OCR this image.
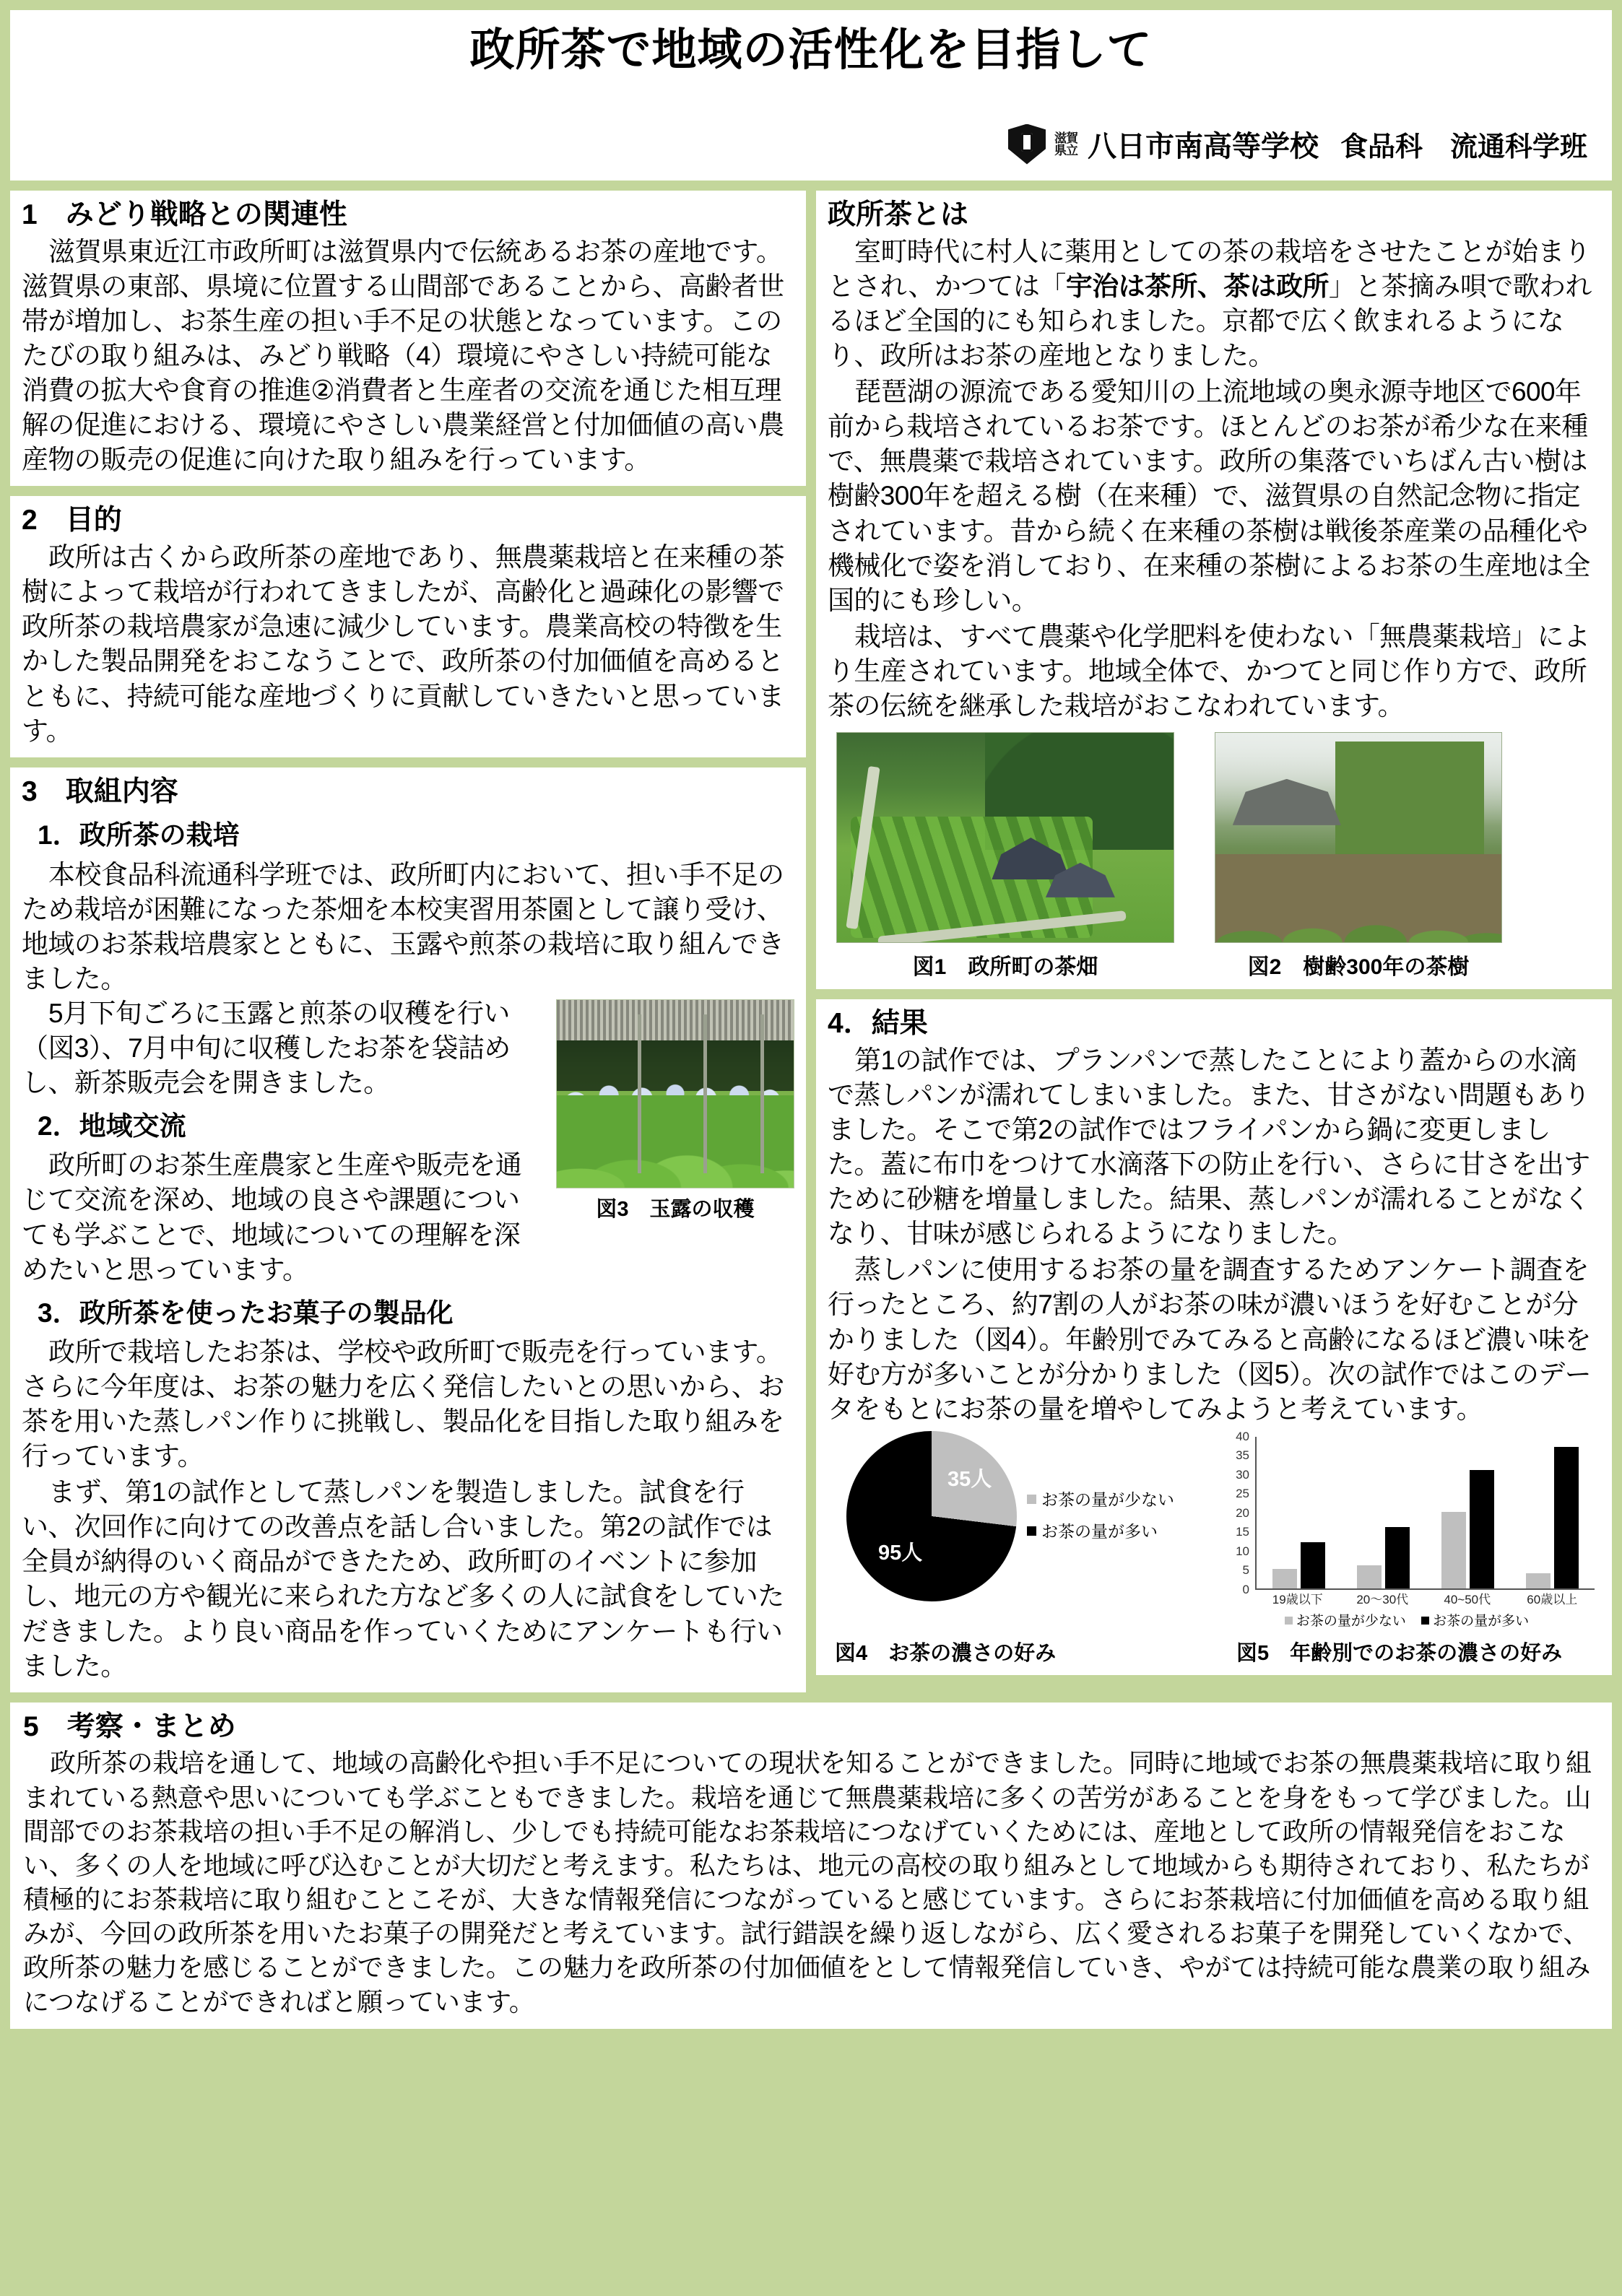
政所茶で地域の活性化を目指して
滋賀
県立 八日市南高等学校 食品科　流通科学班
1　みどり戦略との関連性

滋賀県東近江市政所町は滋賀県内で伝統あるお茶の産地です。滋賀県の東部、県境に位置する山間部であることから、高齢者世帯が増加し、お茶生産の担い手不足の状態となっています。このたびの取り組みは、みどり戦略（4）環境にやさしい持続可能な消費の拡大や食育の推進②消費者と生産者の交流を通じた相互理解の促進における、環境にやさしい農業経営と付加価値の高い農産物の販売の促進に向けた取り組みを行っています。

2　目的

政所は古くから政所茶の産地であり、無農薬栽培と在来種の茶樹によって栽培が行われてきましたが、高齢化と過疎化の影響で政所茶の栽培農家が急速に減少しています。農業高校の特徴を生かした製品開発をおこなうことで、政所茶の付加価値を高めるとともに、持続可能な産地づくりに貢献していきたいと思っています。

3　取組内容
1．政所茶の栽培

本校食品科流通科学班では、政所町内において、担い手不足のため栽培が困難になった茶畑を本校実習用茶園として譲り受け、地域のお茶栽培農家とともに、玉露や煎茶の栽培に取り組んできました。

図3　玉露の収穫

5月下旬ごろに玉露と煎茶の収穫を行い（図3）、7月中旬に収穫したお茶を袋詰めし、新茶販売会を開きました。

2．地域交流

政所町のお茶生産農家と生産や販売を通じて交流を深め、地域の良さや課題についても学ぶことで、地域についての理解を深めたいと思っています。

3．政所茶を使ったお菓子の製品化

政所で栽培したお茶は、学校や政所町で販売を行っています。さらに今年度は、お茶の魅力を広く発信したいとの思いから、お茶を用いた蒸しパン作りに挑戦し、製品化を目指した取り組みを行っています。

まず、第1の試作として蒸しパンを製造しました。試食を行い、次回作に向けての改善点を話し合いました。第2の試作では全員が納得のいく商品ができたため、政所町のイベントに参加し、地元の方や観光に来られた方など多くの人に試食をしていただきました。より良い商品を作っていくためにアンケートも行いました。

政所茶とは

室町時代に村人に薬用としての茶の栽培をさせたことが始まりとされ、かつては「宇治は茶所、茶は政所」と茶摘み唄で歌われるほど全国的にも知られました。京都で広く飲まれるようになり、政所はお茶の産地となりました。

琵琶湖の源流である愛知川の上流地域の奥永源寺地区で600年前から栽培されているお茶です。ほとんどのお茶が希少な在来種で、無農薬で栽培されています。政所の集落でいちばん古い樹は樹齢300年を超える樹（在来種）で、滋賀県の自然記念物に指定されています。昔から続く在来種の茶樹は戦後茶産業の品種化や機械化で姿を消しており、在来種の茶樹によるお茶の生産地は全国的にも珍しい。

栽培は、すべて農薬や化学肥料を使わない「無農薬栽培」により生産されています。地域全体で、かつてと同じ作り方で、政所茶の伝統を継承した栽培がおこなわれています。

図1　政所町の茶畑	図2　樹齢300年の茶樹
4．結果

第1の試作では、プランパンで蒸したことにより蓋からの水滴で蒸しパンが濡れてしまいました。また、甘さがない問題もありました。そこで第2の試作ではフライパンから鍋に変更しました。蓋に布巾をつけて水滴落下の防止を行い、さらに甘さを出すために砂糖を増量しました。結果、蒸しパンが濡れることがなくなり、甘味が感じられるようになりました。

蒸しパンに使用するお茶の量を調査するためアンケート調査を行ったところ、約7割の人がお茶の味が濃いほうを好むことが分かりました（図4）。年齢別でみてみると高齢になるほど濃い味を好む方が多いことが分かりました（図5）。次の試作ではこのデータをもとにお茶の量を増やしてみようと考えています。

35人
95人
お茶の量が少ない
お茶の量が多い
0
5
10
15
20
25
30
35
40
19歳以下	20〜30代	40~50代	60歳以上
お茶の量が少ない お茶の量が多い
図4　お茶の濃さの好み	図5　年齢別でのお茶の濃さの好み
5　考察・まとめ

政所茶の栽培を通して、地域の高齢化や担い手不足についての現状を知ることができました。同時に地域でお茶の無農薬栽培に取り組まれている熱意や思いについても学ぶこともできました。栽培を通じて無農薬栽培に多くの苦労があることを身をもって学びました。山間部でのお茶栽培の担い手不足の解消し、少しでも持続可能なお茶栽培につなげていくためには、産地として政所の情報発信をおこない、多くの人を地域に呼び込むことが大切だと考えます。私たちは、地元の高校の取り組みとして地域からも期待されており、私たちが積極的にお茶栽培に取り組むことこそが、大きな情報発信につながっていると感じています。さらにお茶栽培に付加価値を高める取り組みが、今回の政所茶を用いたお菓子の開発だと考えています。試行錯誤を繰り返しながら、広く愛されるお菓子を開発していくなかで、政所茶の魅力を感じることができました。この魅力を政所茶の付加価値をとして情報発信していき、やがては持続可能な農業の取り組みにつなげることができればと願っています。
